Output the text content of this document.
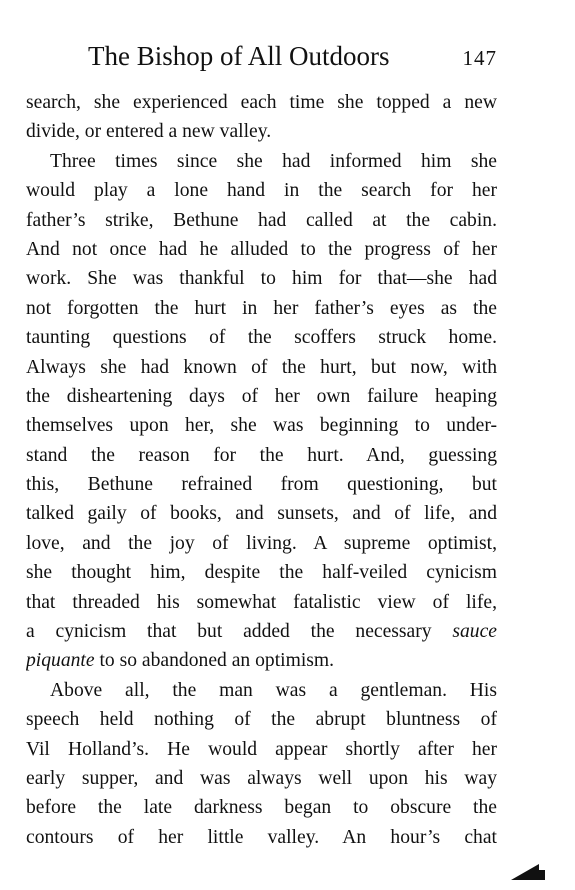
The Bishop of All Outdoors	147
search, she experienced each time she topped a new
divide, or entered a new valley.
Three times since she had informed him she
would play a lone hand in the search for her
father’s strike, Bethune had called at the cabin.
And not once had he alluded to the progress of her
work. She was thankful to him for that—she had
not forgotten the hurt in her father’s eyes as the
taunting questions of the scoffers struck home.
Always she had known of the hurt, but now, with
the disheartening days of her own failure heaping
themselves upon her, she was beginning to under-
stand the reason for the hurt. And, guessing
this, Bethune refrained from questioning, but
talked gaily of books, and sunsets, and of life, and
love, and the joy of living. A supreme optimist,
she thought him, despite the half-veiled cynicism
that threaded his somewhat fatalistic view of life,
a cynicism that but added the necessary sauce
piquante to so abandoned an optimism.
Above all, the man was a gentleman. His
speech held nothing of the abrupt bluntness of
Vil Holland’s. He would appear shortly after her
early supper, and was always well upon his way
before the late darkness began to obscure the
contours of her little valley. An hour’s chat
